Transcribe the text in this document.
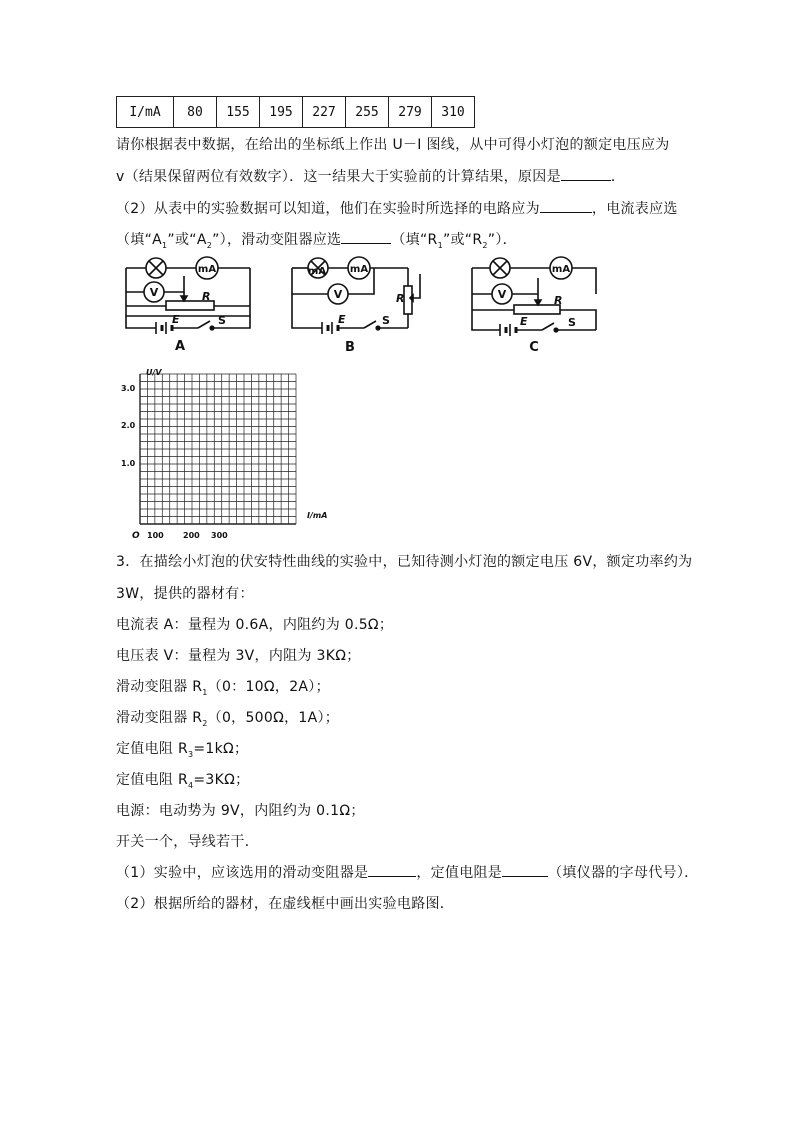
I/mA	80	155	195	227	255	279	310
请你根据表中数据，在给出的坐标纸上作出 U－I 图线，从中可得小灯泡的额定电压应为
v（结果保留两位有效数字）．这一结果大于实验前的计算结果，原因是	．
（2）从表中的实验数据可以知道，他们在实验时所选择的电路应为	，电流表应选
（填“$A_1$”或“$A_2$”），滑动变阻器应选	（填“$R_1$”或“$R_2$”）．
mA
mA	mA	mA
V	V	V
R	R	R
E	E	E
S	S	S
A	B	C
U/V
I/mA
O
3.0
2.0
1.0
100 200 300
3．在描绘小灯泡的伏安特性曲线的实验中，已知待测小灯泡的额定电压 6V，额定功率约为
3W，提供的器材有：
电流表 A：量程为 0.6A，内阻约为 0.5Ω；
电压表 V：量程为 3V，内阻为 3KΩ；
滑动变阻器 $R_1(0$：10Ω，2A）；
滑动变阻器 $R_2(0$，500Ω，1A）；
定值电阻 $R_3=1k\Omega$；
定值电阻 $R_4=3K\Omega$；
电源：电动势为 9V，内阻约为 0.1Ω；
开关一个，导线若干．
（1）实验中，应该选用的滑动变阻器是	，定值电阻是	（填仪器的字母代号）．
（2）根据所给的器材，在虚线框中画出实验电路图．
